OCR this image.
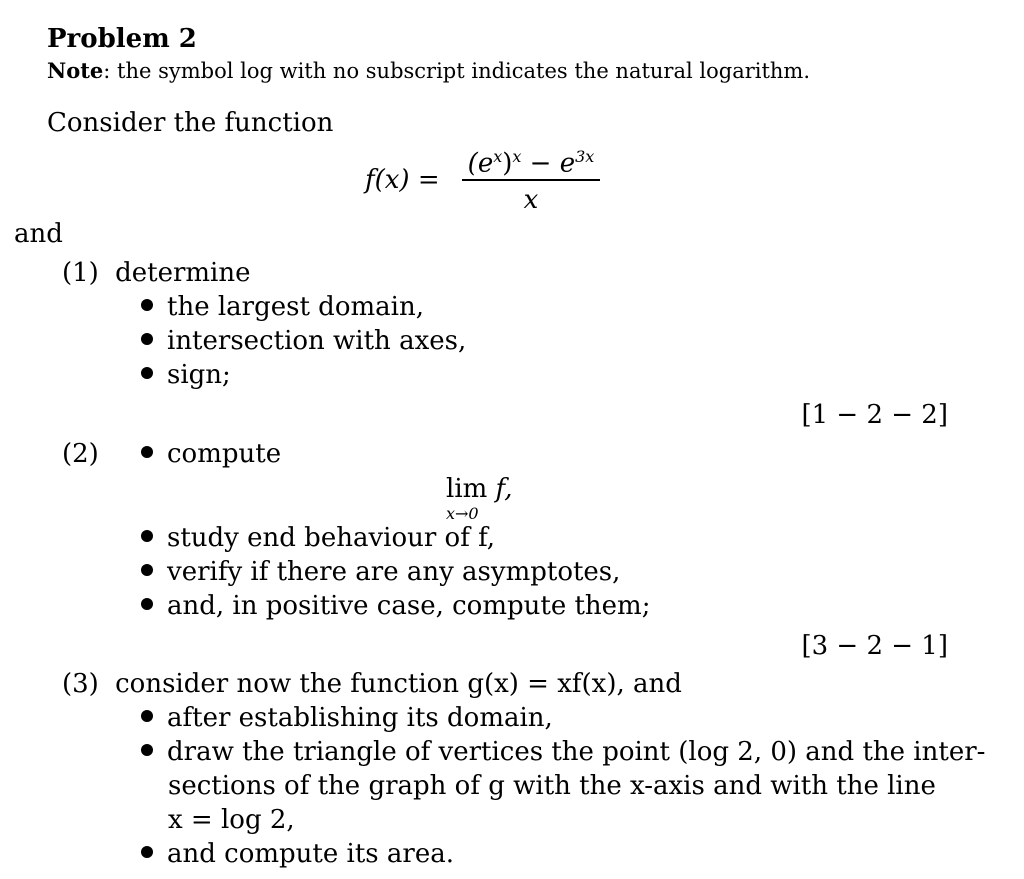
Problem 2
Note: the symbol log with no subscript indicates the natural logarithm.
Consider the function
f(x) =
$(e^x)^x - e^{3x}$
x
and
(1) determine
the largest domain,
intersection with axes,
sign;
[1 − 2 − 2]
(2)	compute
lim
x→0
f,
study end behaviour of f,
verify if there are any asymptotes,
and, in positive case, compute them;
[3 − 2 − 1]
(3) consider now the function g(x) = xf(x), and
after establishing its domain,
draw the triangle of vertices the point (log 2, 0) and the inter-
sections of the graph of g with the x-axis and with the line
x = log 2,
and compute its area.
